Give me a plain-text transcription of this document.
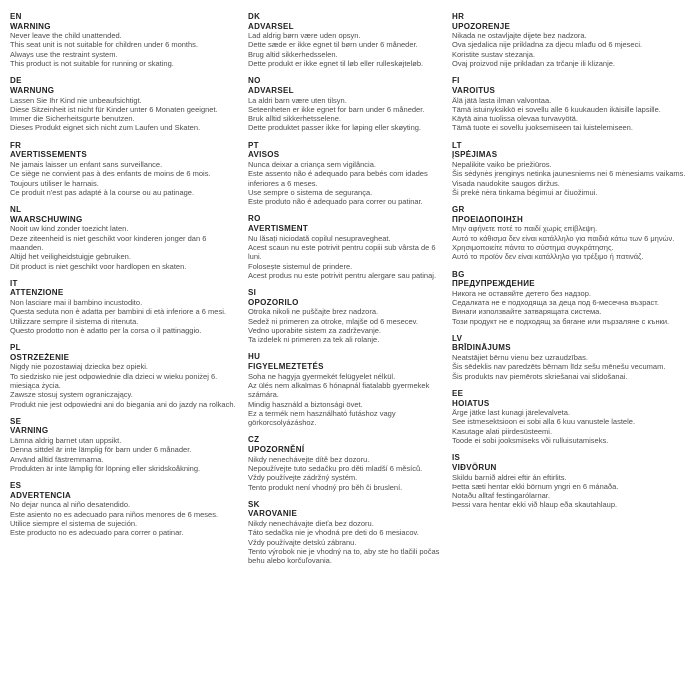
EN
WARNING
Never leave the child unattended.
This seat unit is not suitable for children under 6 months.
Always use the restraint system.
This product is not suitable for running or skating.
DE
WARNUNG
Lassen Sie Ihr Kind nie unbeaufsichtigt.
Diese Sitzeinheit ist nicht für Kinder unter 6 Monaten geeignet.
Immer die Sicherheitsgurte benutzen.
Dieses Produkt eignet sich nicht zum Laufen und Skaten.
FR
AVERTISSEMENTS
Ne jamais laisser un enfant sans surveillance.
Ce siège ne convient pas à des enfants de moins de 6 mois.
Toujours utiliser le harnais.
Ce produit n'est pas adapté à la course ou au patinage.
NL
WAARSCHUWING
Nooit uw kind zonder toezicht laten.
Deze ziteenheid is niet geschikt voor kinderen jonger dan 6 maanden.
Altijd het veiligheidstuigje gebruiken.
Dit product is niet geschikt voor hardlopen en skaten.
IT
ATTENZIONE
Non lasciare mai il bambino incustodito.
Questa seduta non è adatta per bambini di età inferiore a 6 mesi.
Utilizzare sempre il sistema di ritenuta.
Questo prodotto non è adatto per la corsa o il pattinaggio.
PL
OSTRZEŻENIE
Nigdy nie pozostawiaj dziecka bez opieki.
To siedzisko nie jest odpowiednie dla dzieci w wieku poniżej 6. miesiąca życia.
Zawsze stosuj system ograniczający.
Produkt nie jest odpowiedni ani do biegania ani do jazdy na rolkach.
SE
VARNING
Lämna aldrig barnet utan uppsikt.
Denna sittdel är inte lämplig för barn under 6 månader.
Använd alltid fästremmarna.
Produkten är inte lämplig för löpning eller skridskoåkning.
ES
ADVERTENCIA
No dejar nunca al niño desatendido.
Este asiento no es adecuado para niños menores de 6 meses.
Utilice siempre el sistema de sujeción.
Este producto no es adecuado para correr o patinar.
DK
ADVARSEL
Lad aldrig børn være uden opsyn.
Dette sæde er ikke egnet til børn under 6 måneder.
Brug altid sikkerhedsselen.
Dette produkt er ikke egnet til løb eller rulleskøjteløb.
NO
ADVARSEL
La aldri barn være uten tilsyn.
Seteenheten er ikke egnet for barn under 6 måneder.
Bruk alltid sikkerhetsselene.
Dette produktet passer ikke for løping eller skøyting.
PT
AVISOS
Nunca deixar a criança sem vigilância.
Este assento não é adequado para bebés com idades inferiores a 6 meses.
Use sempre o sistema de segurança.
Este produto não é adequado para correr ou patinar.
RO
AVERTISMENT
Nu lăsați niciodată copilul nesupravegheat.
Acest scaun nu este potrivit pentru copiii sub vârsta de 6 luni.
Folosește sistemul de prindere.
Acest produs nu este potrivit pentru alergare sau patinaj.
SI
OPOZORILO
Otroka nikoli ne puščajte brez nadzora.
Sedež ni primeren za otroke, mlajše od 6 mesecev.
Vedno uporabite sistem za zadrževanje.
Ta izdelek ni primeren za tek ali rolanje.
HU
FIGYELMEZTETÉS
Soha ne hagyja gyermekét felügyelet nélkül.
Az ülés nem alkalmas 6 hónapnál fiatalabb gyermekek számára.
Mindig használd a biztonsági övet.
Ez a termék nem használható futáshoz vagy görkorcsolyázáshoz.
CZ
UPOZORNĚNÍ
Nikdy nenechávejte dítě bez dozoru.
Nepoužívejte tuto sedačku pro děti mladší 6 měsíců.
Vždy používejte zádržný systém.
Tento produkt není vhodný pro běh či bruslení.
SK
VAROVANIE
Nikdy nenechávajte dieťa bez dozoru.
Táto sedačka nie je vhodná pre deti do 6 mesiacov.
Vždy používajte detskú zábranu.
Tento výrobok nie je vhodný na to, aby ste ho tlačili počas behu alebo korčuľovania.
HR
UPOZORENJE
Nikada ne ostavljajte dijete bez nadzora.
Ova sjedalica nije prikladna za djecu mlađu od 6 mjeseci.
Koristite sustav stezanja.
Ovaj proizvod nije prikladan za trčanje ili klizanje.
FI
VAROITUS
Älä jätä lasta ilman valvontaa.
Tämä istuinyksikkö ei sovellu alle 6 kuukauden ikäisille lapsille.
Käytä aina tuolissa olevaa turvavyötä.
Tämä tuote ei sovellu juoksemiseen tai luistelemiseen.
LT
ĮSPĖJIMAS
Nepalikite vaiko be priežiūros.
Šis sėdynės įrenginys netinka jaunesniems nei 6 mėnesiams vaikams.
Visada naudokite saugos diržus.
Ši prekė nėra tinkama bėgimui ar čiuožimui.
GR
ΠΡΟΕΙΔΟΠΟΙΗΣΗ
Μην αφήνετε ποτέ το παιδί χωρίς επίβλεψη.
Αυτό το κάθισμα δεν είναι κατάλληλο για παιδιά κάτω των 6 μηνών.
Χρησιμοποιείτε πάντα το σύστημα συγκράτησης.
Αυτό το προϊόν δεν είναι κατάλληλο για τρέξιμο ή πατινάζ.
BG
ПРЕДУПРЕЖДЕНИЕ
Никога не оставяйте детето без надзор.
Седалката не е подходяща за деца под 6-месечна възраст.
Винаги използвайте затварящата система.
Този продукт не е подходящ за бягане или пързаляне с кънки.
LV
BRĪDINĀJUMS
Neatstājiet bērnu vienu bez uzraudzības.
Šis sēdeklis nav paredzēts bērnam līdz sešu mēnešu vecumam.
Šis produkts nav piemērots skriešanai vai slidošanai.
EE
HOIATUS
Ärge jätke last kunagi järelevalveta.
See istmesektsioon ei sobi alla 6 kuu vanustele lastele.
Kasutage alati piirdesüsteemi.
Toode ei sobi jooksmiseks või rulluisutamiseks.
IS
VIÐVÖRUN
Skildu barnið aldrei eftir án eftirlits.
Þetta sæti hentar ekki börnum yngri en 6 mánaða.
Notaðu alltaf festingarólarnar.
Þessi vara hentar ekki við hlaup eða skautahlaup.
